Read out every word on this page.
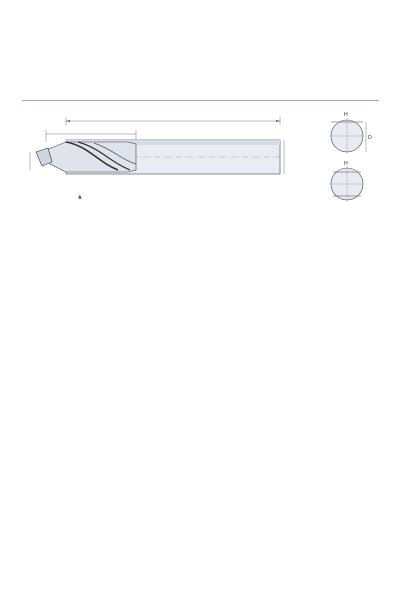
▲
H
D
H
